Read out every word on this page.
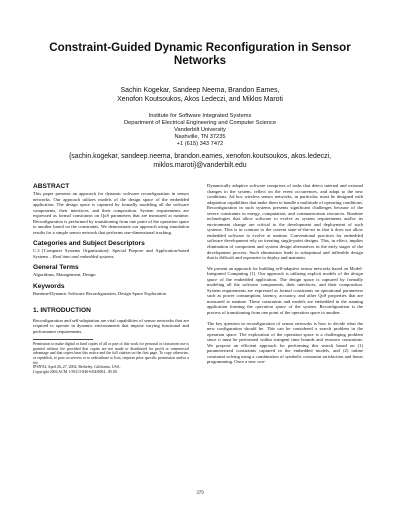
Constraint-Guided Dynamic Reconfiguration in Sensor
Networks
Sachin Kogekar, Sandeep Neema, Brandon Eames,
Xenofon Koutsoukos, Akos Ledeczi, and Miklos Maroti
Institute for Software Integrated Systems
Department of Electrical Engineering and Computer Science
Vanderbilt University
Nashville, TN 37235
+1 (615) 343 7472
{sachin.kogekar, sandeep.neema, brandon.eames, xenofon.koutsoukos, akos.ledeczi,
miklos.maroti}@vanderbilt.edu
ABSTRACT

This paper presents an approach for dynamic software reconfiguration in sensor networks. Our approach utilizes models of the design space of the embedded application. The design space is captured by formally modeling all the software components, their interfaces, and their composition. System requirements are expressed as formal constraints on QoS parameters that are measured at runtime. Reconfiguration is performed by transitioning from one point of the operation space to another based on the constraints. We demonstrate our approach using simulation results for a simple sensor network that performs one-dimensional tracking.

Categories and Subject Descriptors

C.3 [Computer Systems Organization]: Special Purpose and Application-based Systems – Real time and embedded systems.

General Terms

Algorithms, Management, Design

Keywords

Runtime/Dynamic Software Reconfiguration, Design Space Exploration

1. INTRODUCTION

Reconfiguration and self-adaptation are vital capabilities of sensor networks that are required to operate in dynamic environments that impose varying functional and performance requirements.

Permission to make digital or hard copies of all or part of this work for personal or classroom use is granted without fee provided that copies are not made or distributed for profit or commercial advantage and that copies bear this notice and the full citation on the first page. To copy otherwise, or republish, to post on servers or to redistribute to lists, requires prior specific permission and/or a fee.

IPSN'04, April 26–27, 2004, Berkeley, California, USA.

Copyright 2004 ACM 1-58113-846-6/04/0004...$5.00.

Dynamically adaptive software comprises of tasks that detect internal and external changes to the system, reflect on the event occurrences, and adapt to the new conditions. Ad hoc wireless sensor networks, in particular, must be designed with adaptation capabilities that make them to handle a multitude of operating conditions. Reconfiguration in such systems presents significant challenges because of the severe constraints in energy, computation, and communication resources. Runtime technologies that allow software to evolve as system requirements and/or its environment change are critical to the development and deployment of such systems. This is in contrast to the current state-of-the-art in that it does not allow embedded software to evolve at runtime. Conventional practices for embedded software development rely on iterating single-point designs. This, in effect, implies elimination of component and system design alternatives in the early stages of the development process. Such elimination leads to suboptimal and inflexible design that is difficult and expensive to deploy and maintain.

We present an approach for building self-adaptive sensor networks based on Model-Integrated Computing [1]. Our approach is utilizing explicit models of the design space of the embedded application. The design space is captured by formally modeling all the software components, their interfaces, and their composition. System requirements are expressed as formal constraints on operational parameters such as power consumption, latency, accuracy, and other QoS properties that are measured at runtime. These constraints and models are embedded in the running application forming the operation space of the system. Reconfiguration is the process of transitioning from one point of the operation space to another.

The key question in reconfiguration of sensor networks is how to decide what the new configuration should be. This can be considered a search problem in the operation space. The exploration of the operation space is a challenging problem since it must be performed within stringent time bounds and resource constraints. We propose an efficient approach for performing this search based on (1) parameterized constraints captured in the embedded models, and (2) online constraint solving using a combination of symbolic constraint satisfaction and linear programming. Once a new con-

379
